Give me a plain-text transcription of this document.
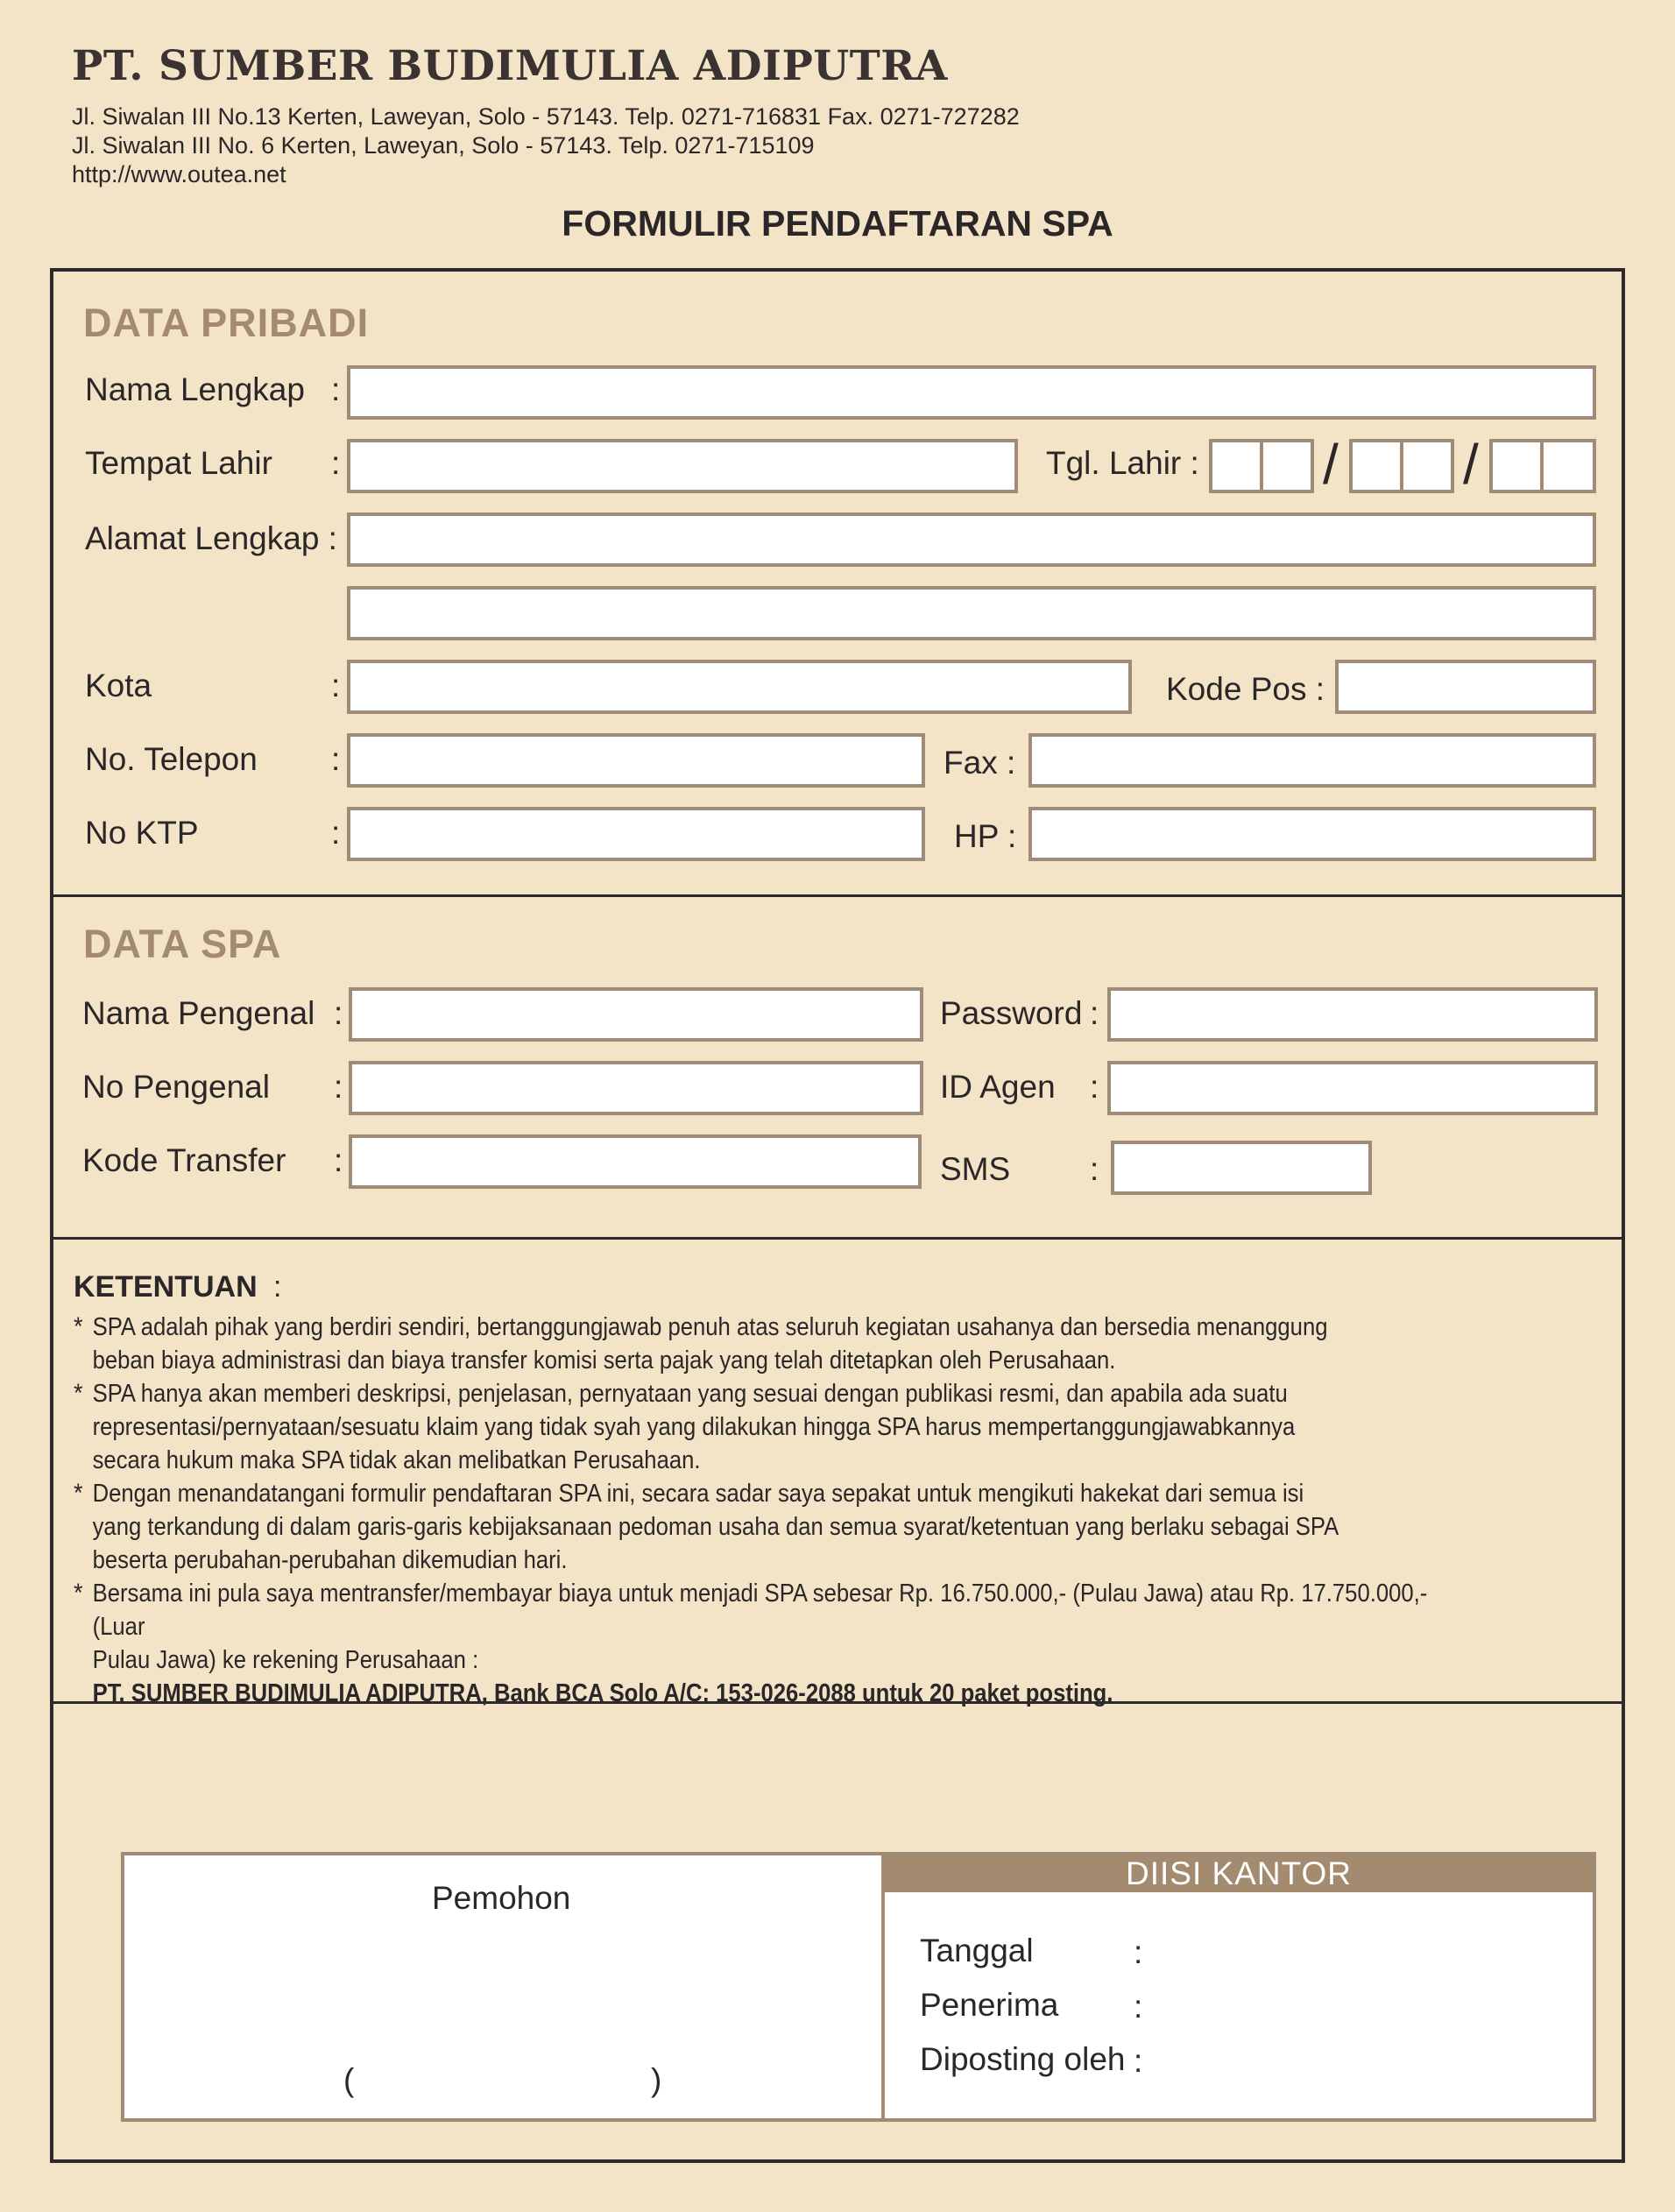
PT. SUMBER BUDIMULIA ADIPUTRA
Jl. Siwalan III No.13 Kerten, Laweyan, Solo - 57143. Telp. 0271-716831 Fax. 0271-727282
Jl. Siwalan III No. 6 Kerten, Laweyan, Solo - 57143. Telp. 0271-715109
http://www.outea.net
FORMULIR PENDAFTARAN SPA
DATA PRIBADI
Nama Lengkap :
Tempat Lahir :	Tgl. Lahir : / /
Alamat Lengkap :
Kota	:	Kode Pos :
No. Telepon :	Fax :
No KTP	:	HP :
DATA SPA
Nama Pengenal :	Password :
No Pengenal :	ID Agen :
Kode Transfer :	SMS :
KETENTUAN :
* SPA adalah pihak yang berdiri sendiri, bertanggungjawab penuh atas seluruh kegiatan usahanya dan bersedia menanggung
beban biaya administrasi dan biaya transfer komisi serta pajak yang telah ditetapkan oleh Perusahaan.
* SPA hanya akan memberi deskripsi, penjelasan, pernyataan yang sesuai dengan publikasi resmi, dan apabila ada suatu
representasi/pernyataan/sesuatu klaim yang tidak syah yang dilakukan hingga SPA harus mempertanggungjawabkannya
secara hukum maka SPA tidak akan melibatkan Perusahaan.
* Dengan menandatangani formulir pendaftaran SPA ini, secara sadar saya sepakat untuk mengikuti hakekat dari semua isi
yang terkandung di dalam garis-garis kebijaksanaan pedoman usaha dan semua syarat/ketentuan yang berlaku sebagai SPA
beserta perubahan-perubahan dikemudian hari.
* Bersama ini pula saya mentransfer/membayar biaya untuk menjadi SPA sebesar Rp. 16.750.000,- (Pulau Jawa) atau Rp. 17.750.000,- (Luar
Pulau Jawa) ke rekening Perusahaan :
PT. SUMBER BUDIMULIA ADIPUTRA, Bank BCA Solo A/C: 153-026-2088 untuk 20 paket posting.
Pemohon
(	)
DIISI KANTOR
Tanggal	:
Penerima :
Diposting oleh :
